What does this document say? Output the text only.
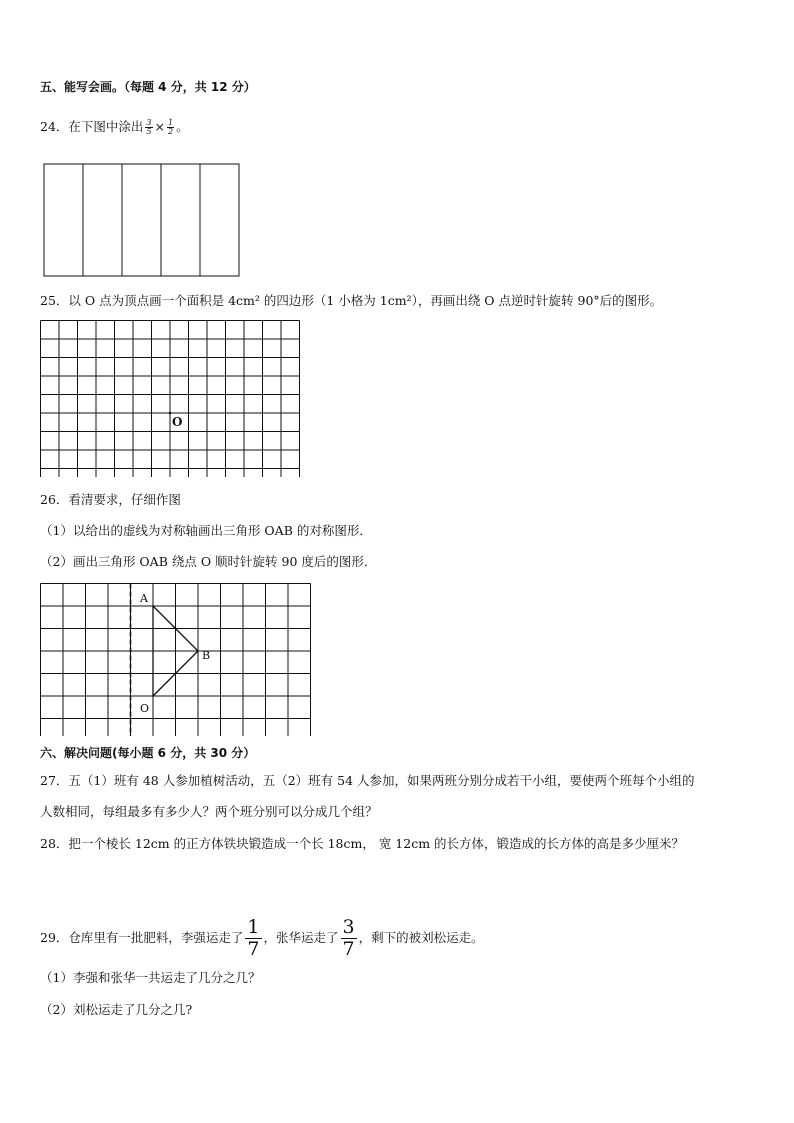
五、能写会画。（每题 4 分，共 12 分）
24．在下图中涂出 $\frac{3}{5} \times \frac{1}{2}$ 。
25．以 O 点为顶点画一个面积是 4cm² 的四边形（1 小格为 1cm²），再画出绕 O 点逆时针旋转 90°后的图形。
O
26．看清要求，仔细作图
（1）以给出的虚线为对称轴画出三角形 OAB 的对称图形．
（2）画出三角形 OAB 绕点 O 顺时针旋转 90 度后的图形．
A
B
O
六、解决问题(每小题 6 分，共 30 分）
27．五（1）班有 48 人参加植树活动，五（2）班有 54 人参加，如果两班分别分成若干小组，要使两个班每个小组的
人数相同，每组最多有多少人？两个班分别可以分成几个组？
28．把一个棱长 12cm 的正方体铁块锻造成一个长 18cm， 宽 12cm 的长方体，锻造成的长方体的高是多少厘米？
29．仓库里有一批肥料，李强运走了 $\frac{1}{7}$ ，张华运走了 $\frac{3}{7}$ ，剩下的被刘松运走。
（1）李强和张华一共运走了几分之几？
（2）刘松运走了几分之几?
